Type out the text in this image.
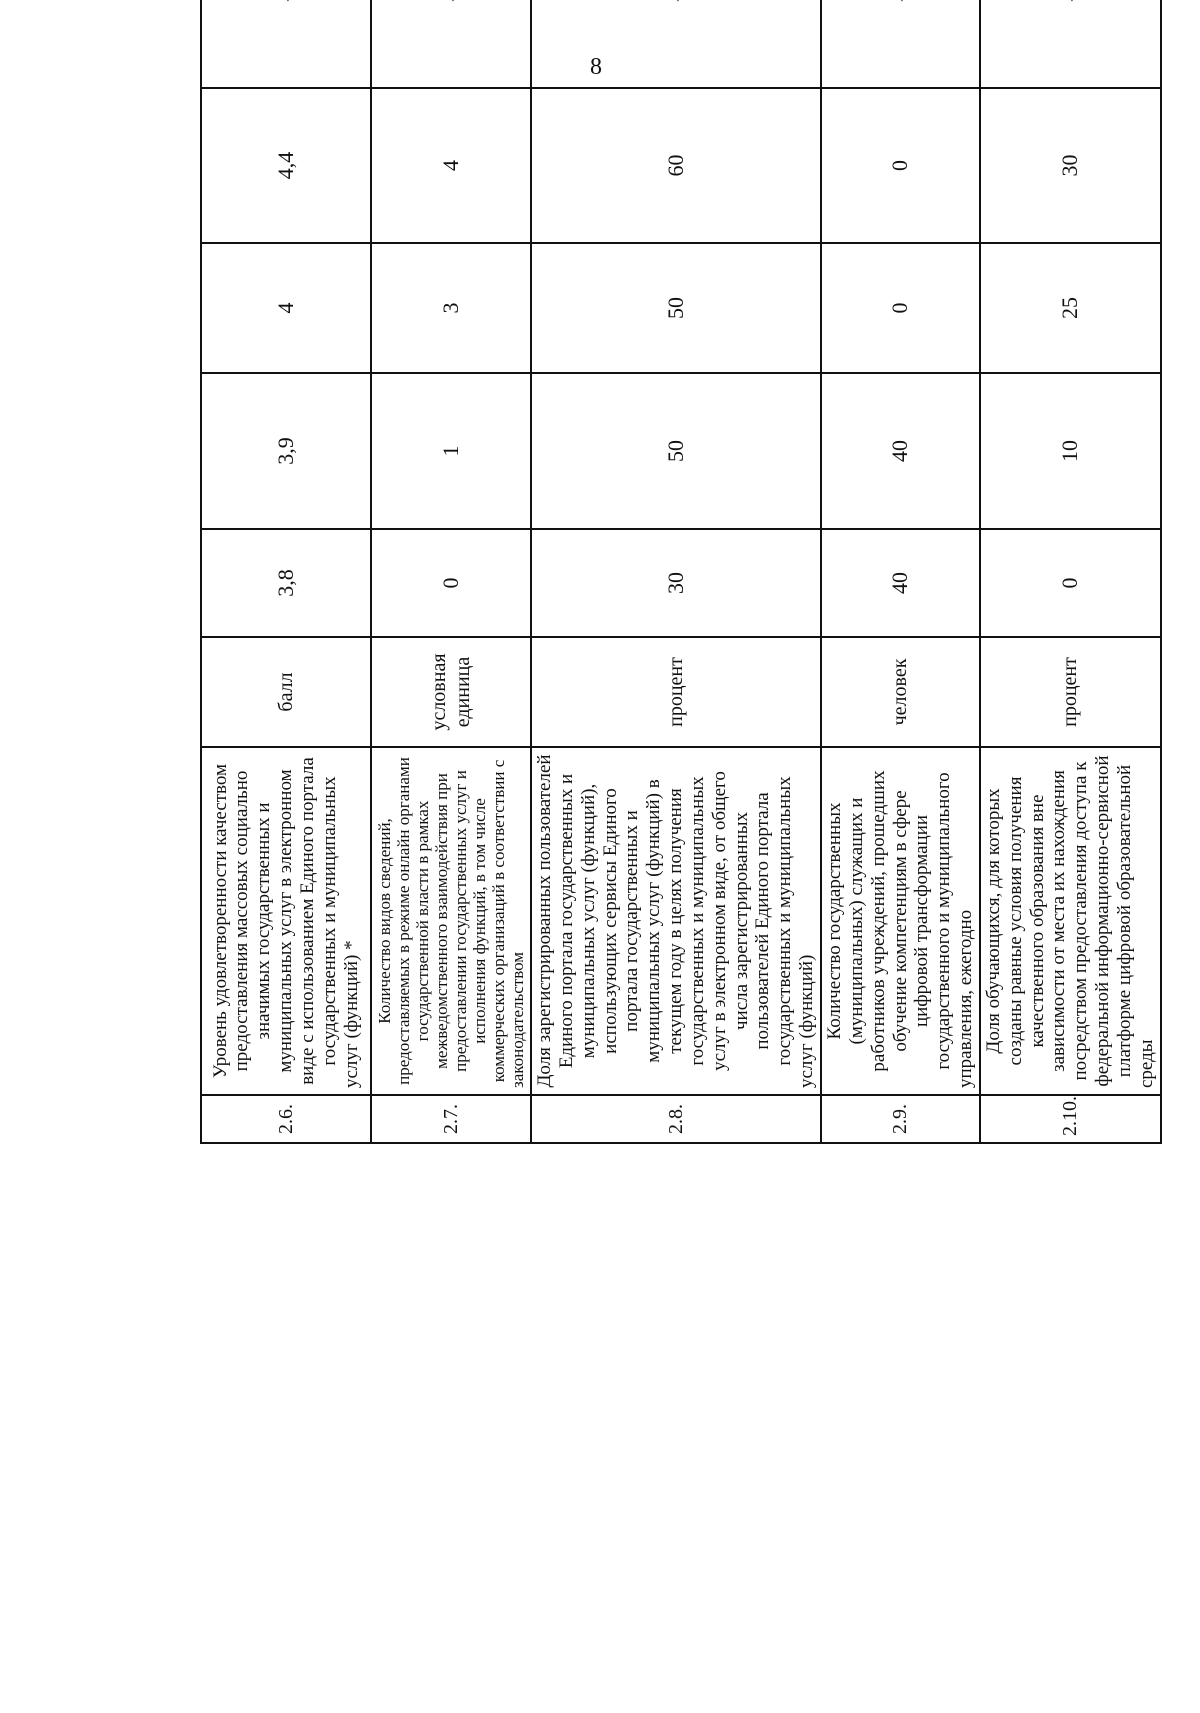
8
2.6.	Уровень удовлетворенности качеством предоставления массовых социально значимых государственных и муниципальных услуг в электронном виде с использованием Единого портала государственных и муниципальных услуг (функций) *	балл	3,8	3,9	4	4,4	
2.7.	Количество видов сведений, предоставляемых в режиме онлайн органами государственной власти в рамках межведомственного взаимодействия при предоставлении государственных услуг и исполнения функций, в том числе коммерческих организаций в соответствии с законодательством	условная единица	0	1	3	4	
2.8.	Доля зарегистрированных пользователей Единого портала государственных и муниципальных услуг (функций), использующих сервисы Единого портала государственных и муниципальных услуг (функций) в текущем году в целях получения государственных и муниципальных услуг в электронном виде, от общего числа зарегистрированных пользователей Единого портала государственных и муниципальных услуг (функций)	процент	30	50	50	60	
2.9.	Количество государственных (муниципальных) служащих и работников учреждений, прошедших обучение компетенциям в сфере цифровой трансформации государственного и муниципального управления, ежегодно	человек	40	40	0	0	
2.10.	Доля обучающихся, для которых созданы равные условия получения качественного образования вне зависимости от места их нахождения посредством предоставления доступа к федеральной информационно-сервисной платформе цифровой образовательной среды	процент	0	10	25	30	
